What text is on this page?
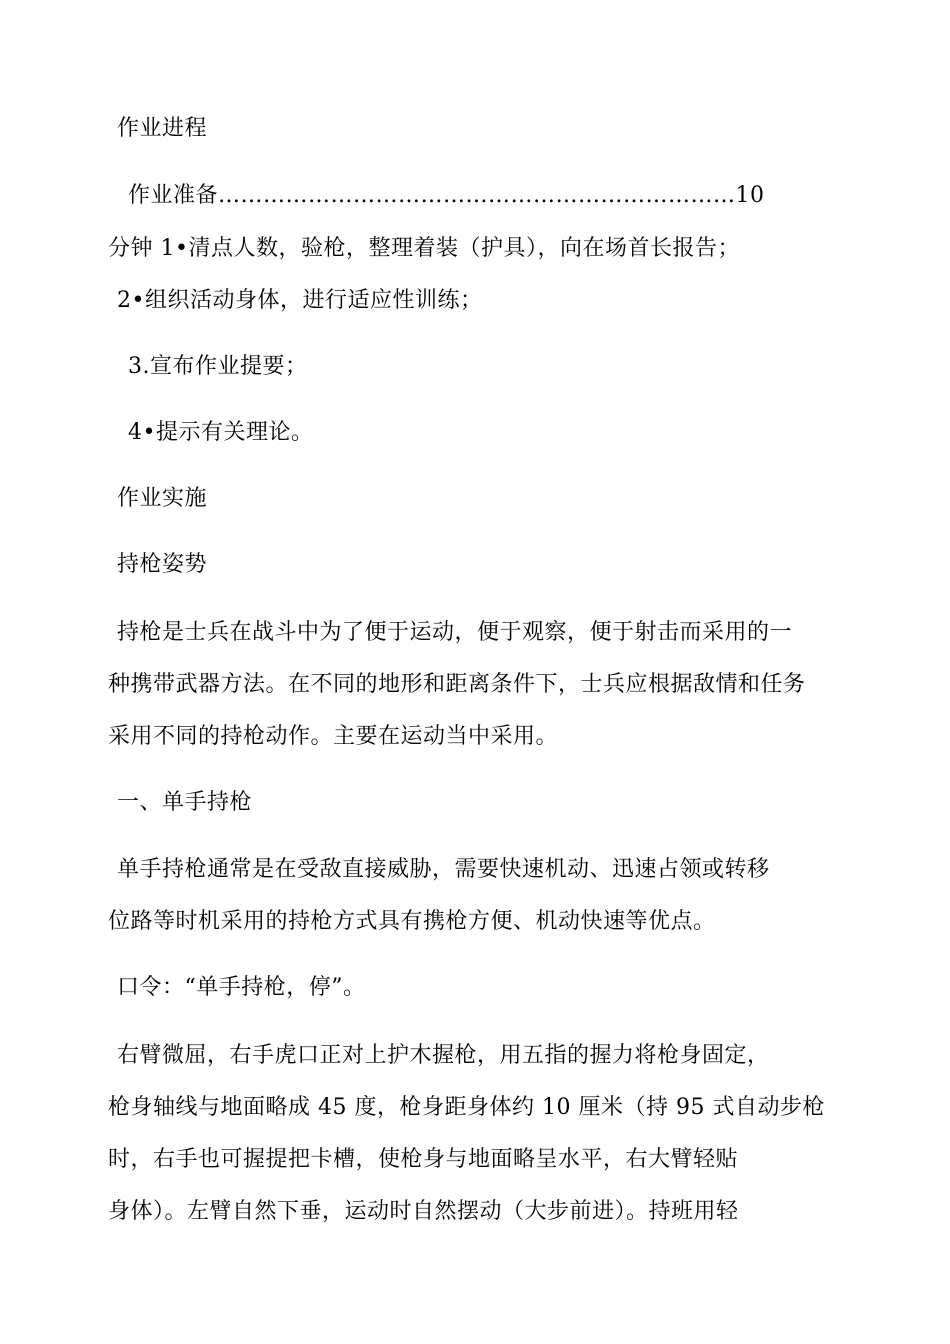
作业进程
作业准备……………………………………………………………10
分钟 1•清点人数，验枪，整理着装（护具），向在场首长报告；
2•组织活动身体，进行适应性训练；
3.宣布作业提要；
4•提示有关理论。
作业实施
持枪姿势
持枪是士兵在战斗中为了便于运动，便于观察，便于射击而采用的一
种携带武器方法。在不同的地形和距离条件下，士兵应根据敌情和任务
采用不同的持枪动作。主要在运动当中采用。
一、单手持枪
单手持枪通常是在受敌直接威胁，需要快速机动、迅速占领或转移
位路等时机采用的持枪方式具有携枪方便、机动快速等优点。
口令：“单手持枪，停”。
右臂微屈，右手虎口正对上护木握枪，用五指的握力将枪身固定，
枪身轴线与地面略成 45 度，枪身距身体约 10 厘米（持 95 式自动步枪
时，右手也可握提把卡槽，使枪身与地面略呈水平，右大臂轻贴
身体）。左臂自然下垂，运动时自然摆动（大步前进）。持班用轻
